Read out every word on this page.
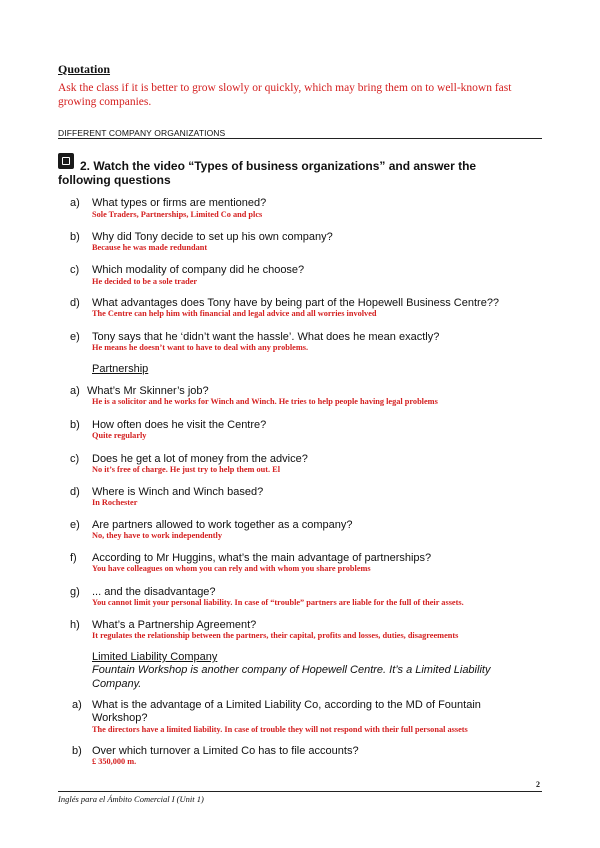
Quotation
Ask the class if it is better to grow slowly or quickly, which may bring them on to well-known fast growing companies.
DIFFERENT COMPANY ORGANIZATIONS
2. Watch the video “Types of business organizations” and answer the following questions
a) What types or firms are mentioned?
Sole Traders, Partnerships, Limited Co and plcs
b) Why did Tony decide to set up his own company?
Because he was made redundant
c) Which modality of company did he choose?
He decided to be a sole trader
d) What advantages does Tony have by being part of the Hopewell Business Centre??
The Centre can help him with financial and legal advice and all worries involved
e) Tony says that he ‘didn’t want the hassle’. What does he mean exactly?
He means he doesn’t want to have to deal with any problems.
Partnership
a) What’s Mr Skinner’s job?
He is a solicitor and he works for Winch and Winch. He tries to help people having legal problems
b) How often does he visit the Centre?
Quite regularly
c) Does he get a lot of money from the advice?
No it’s free of charge. He just try to help them out. El
d) Where is Winch and Winch based?
In Rochester
e) Are partners allowed to work together as a company?
No, they have to work independently
f) According to Mr Huggins, what’s the main advantage of partnerships?
You have colleagues on whom you can rely and with whom you share problems
g) ... and the disadvantage?
You cannot limit your personal liability. In case of “trouble” partners are liable for the full of their assets.
h) What’s a Partnership Agreement?
It regulates the relationship between the partners, their capital, profits and losses, duties, disagreements
Limited Liability Company
Fountain Workshop is another company of Hopewell Centre. It’s a Limited Liability Company.
a) What is the advantage of a Limited Liability Co, according to the MD of Fountain Workshop?
The directors have a limited liability. In case of trouble they will not respond with their full personal assets
b) Over which turnover a Limited Co has to file accounts?
£ 350,000 m.
2
Inglés para el Ámbito Comercial I (Unit 1)
